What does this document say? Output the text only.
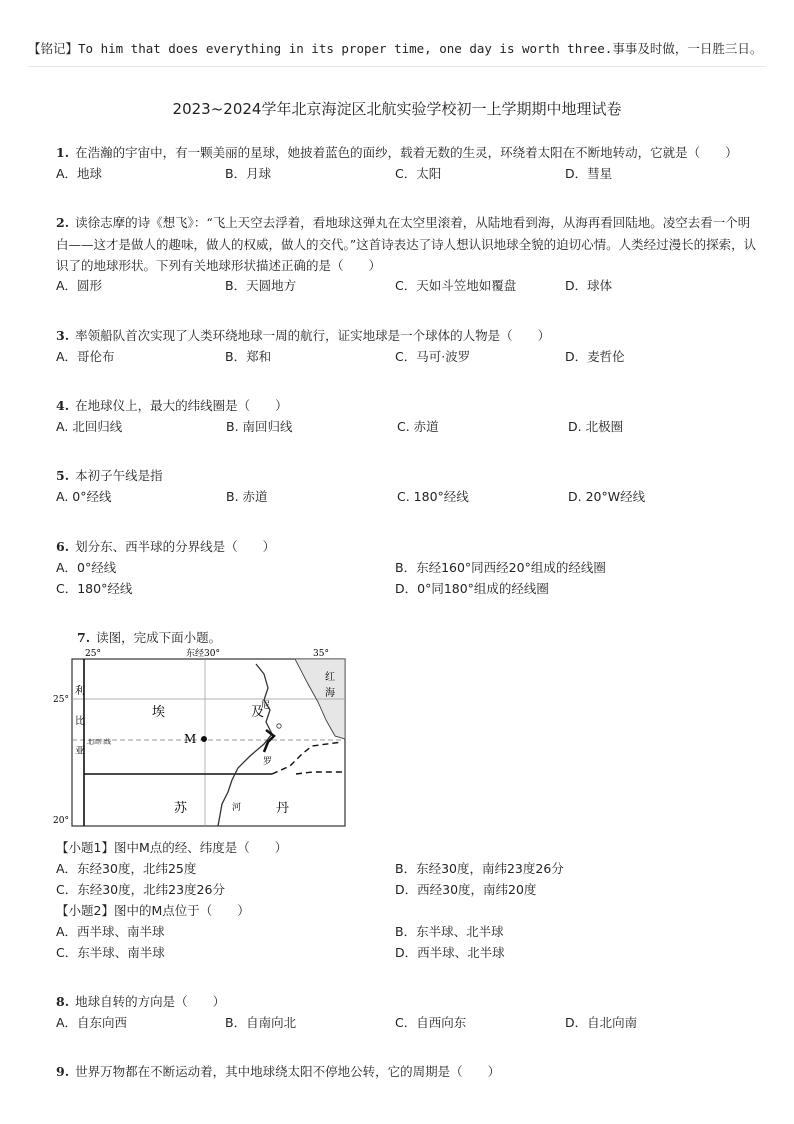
【铭记】To him that does everything in its proper time, one day is worth three.事事及时做，一日胜三日。
2023~2024学年北京海淀区北航实验学校初一上学期期中地理试卷
1. 在浩瀚的宇宙中，有一颗美丽的星球，她披着蓝色的面纱，载着无数的生灵，环绕着太阳在不断地转动，它就是（　　）
A．地球	B．月球	C．太阳	D．彗星
2. 读徐志摩的诗《想飞》：“飞上天空去浮着，看地球这弹丸在太空里滚着，从陆地看到海，从海再看回陆地。凌空去看一个明
白——这才是做人的趣味，做人的权威，做人的交代。”这首诗表达了诗人想认识地球全貌的迫切心情。人类经过漫长的探索，认
识了的地球形状。下列有关地球形状描述正确的是（　　）
A．圆形	B．天圆地方	C．天如斗笠地如覆盘	D．球体
3. 率领船队首次实现了人类环绕地球一周的航行，证实地球是一个球体的人物是（　　）
A．哥伦布	B．郑和	C．马可·波罗	D．麦哲伦
4. 在地球仪上，最大的纬线圈是（　　）
A. 北回归线	B. 南回归线	C. 赤道	D. 北极圈
5. 本初子午线是指
A. 0°经线	B. 赤道	C. 180°经线	D. 20°W经线
6. 划分东、西半球的分界线是（　　）
A．0°经线	B．东经160°同西经20°组成的经线圈
C．180°经线	D．0°同180°组成的经线圈
7. 读图，完成下面小题。
25°	东经30°	35°
25°
20°
利
比
亚
埃	及
苏	丹
红
海
尼
罗
河
北回归线	M
【小题1】图中M点的经、纬度是（　　）
A．东经30度，北纬25度	B．东经30度，南纬23度26分
C．东经30度，北纬23度26分	D．西经30度，南纬20度
【小题2】图中的M点位于（　　）
A．西半球、南半球	B．东半球、北半球
C．东半球、南半球	D．西半球、北半球
8. 地球自转的方向是（　　）
A．自东向西	B．自南向北	C．自西向东	D．自北向南
9. 世界万物都在不断运动着，其中地球绕太阳不停地公转，它的周期是（　　）
